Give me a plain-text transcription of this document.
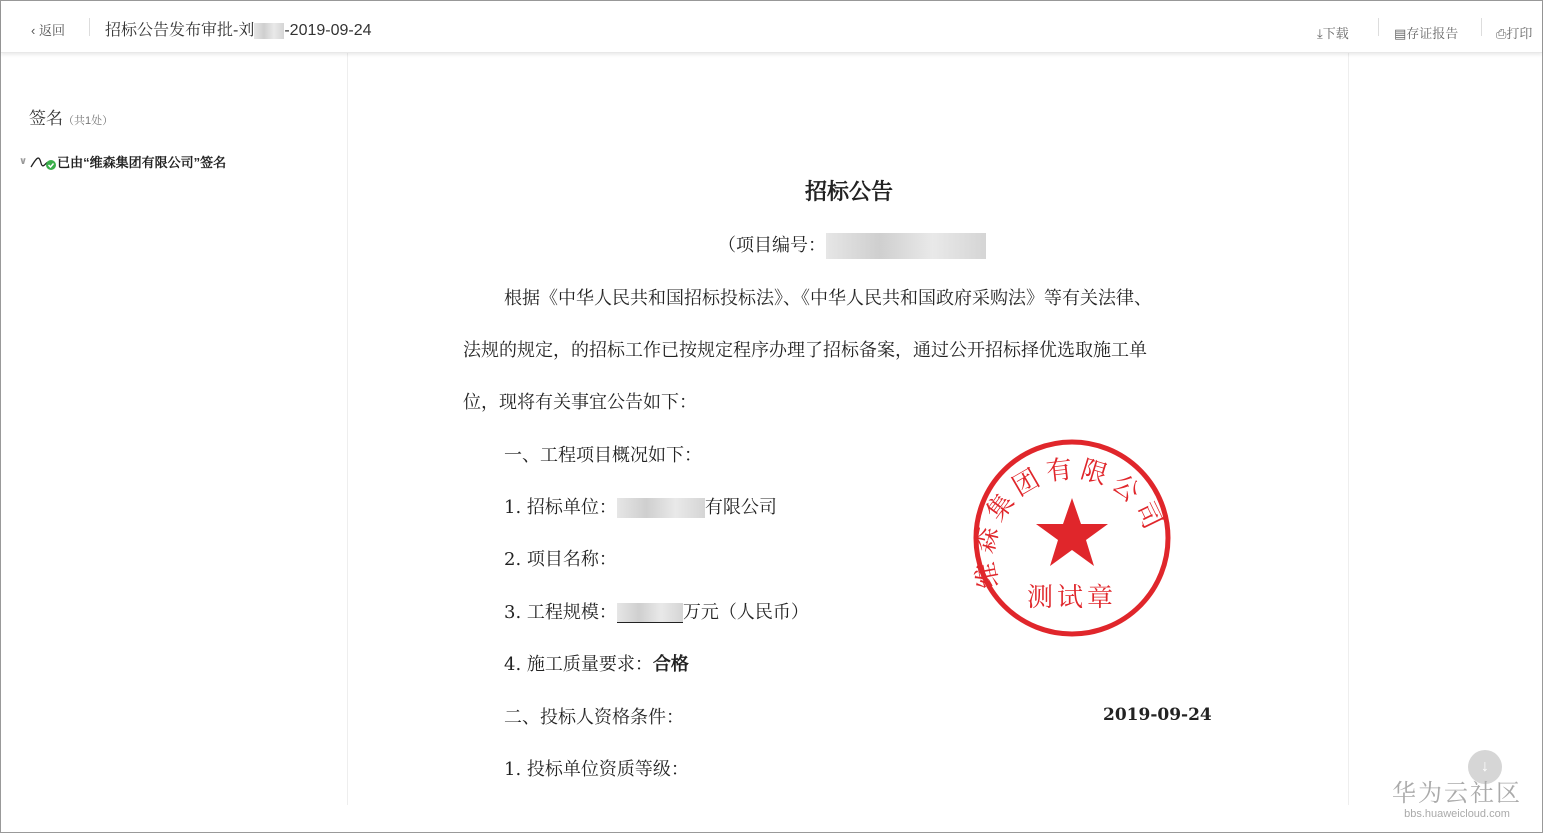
‹ 返回	招标公告发布审批-刘 -2019-09-24	⤓下载	▤存证报告	⎙打印
签名（共1处）
∨ 已由“维森集团有限公司”签名

招标公告

（项目编号：

根据《中华人民共和国招标投标法》、《中华人民共和国政府采购法》等有关法律、

法规的规定，的招标工作已按规定程序办理了招标备案，通过公开招标择优选取施工单

位，现将有关事宜公告如下：

一、工程项目概况如下：

1. 招标单位：	有限公司

2. 项目名称：

3. 工程规模：	万元（人民币）

4. 施工质量要求：合格

二、投标人资格条件：	2019-09-24

1. 投标单位资质等级：

维森集团有限公司
测试章
↓
华为云社区
bbs.huaweicloud.com
